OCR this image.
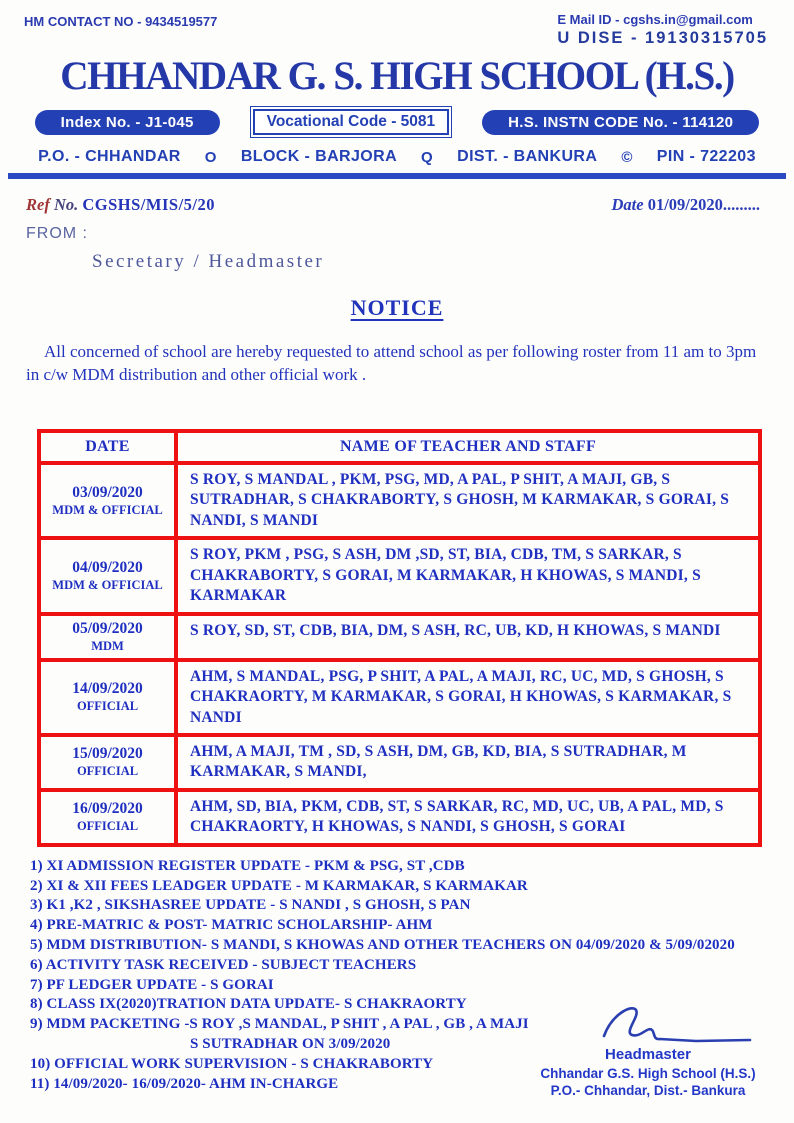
HM CONTACT NO - 9434519577	E Mail ID - cgshs.in@gmail.com
U DISE - 19130315705
CHHANDAR G. S. HIGH SCHOOL (H.S.)
Index No. - J1-045	Vocational Code - 5081	H.S. INSTN CODE No. - 114120
P.O. - CHHANDAR O BLOCK - BARJORA Q DIST. - BANKURA © PIN - 722203
Ref No. CGSHS/MIS/5/20	Date 01/09/2020.........
FROM :
Secretary / Headmaster
NOTICE
All concerned of school are hereby requested to attend school as per following roster from 11 am to 3pm in c/w MDM distribution and other official work .
DATE	NAME OF TEACHER AND STAFF

03/09/2020
MDM & OFFICIAL	S ROY, S MANDAL , PKM, PSG, MD, A PAL, P SHIT, A MAJI, GB, S SUTRADHAR, S CHAKRABORTY, S GHOSH, M KARMAKAR, S GORAI, S NANDI, S MANDI

04/09/2020
MDM & OFFICIAL	S ROY, PKM , PSG, S ASH, DM ,SD, ST, BIA, CDB, TM, S SARKAR, S CHAKRABORTY, S GORAI, M KARMAKAR, H KHOWAS, S MANDI, S KARMAKAR

05/09/2020
MDM	S ROY, SD, ST, CDB, BIA, DM, S ASH, RC, UB, KD, H KHOWAS, S MANDI

14/09/2020
OFFICIAL	AHM, S MANDAL, PSG, P SHIT, A PAL, A MAJI, RC, UC, MD, S GHOSH, S CHAKRAORTY, M KARMAKAR, S GORAI, H KHOWAS, S KARMAKAR, S NANDI

15/09/2020
OFFICIAL	AHM, A MAJI, TM , SD, S ASH, DM, GB, KD, BIA, S SUTRADHAR, M KARMAKAR, S MANDI,

16/09/2020
OFFICIAL	AHM, SD, BIA, PKM, CDB, ST, S SARKAR, RC, MD, UC, UB, A PAL, MD, S CHAKRAORTY, H KHOWAS, S NANDI, S GHOSH, S GORAI
1) XI ADMISSION REGISTER UPDATE - PKM & PSG, ST ,CDB
2) XI & XII FEES LEADGER UPDATE - M KARMAKAR, S KARMAKAR
3) K1 ,K2 , SIKSHASREE UPDATE - S NANDI , S GHOSH, S PAN
4) PRE-MATRIC & POST- MATRIC SCHOLARSHIP- AHM
5) MDM DISTRIBUTION- S MANDI, S KHOWAS AND OTHER TEACHERS ON 04/09/2020 & 5/09/02020
6) ACTIVITY TASK RECEIVED - SUBJECT TEACHERS
7) PF LEDGER UPDATE - S GORAI
8) CLASS IX(2020)TRATION DATA UPDATE- S CHAKRAORTY
9) MDM PACKETING -S ROY ,S MANDAL, P SHIT , A PAL , GB , A MAJI
S SUTRADHAR ON 3/09/2020
10) OFFICIAL WORK SUPERVISION - S CHAKRABORTY
11) 14/09/2020- 16/09/2020- AHM IN-CHARGE
Headmaster
Chhandar G.S. High School (H.S.)
P.O.- Chhandar, Dist.- Bankura
